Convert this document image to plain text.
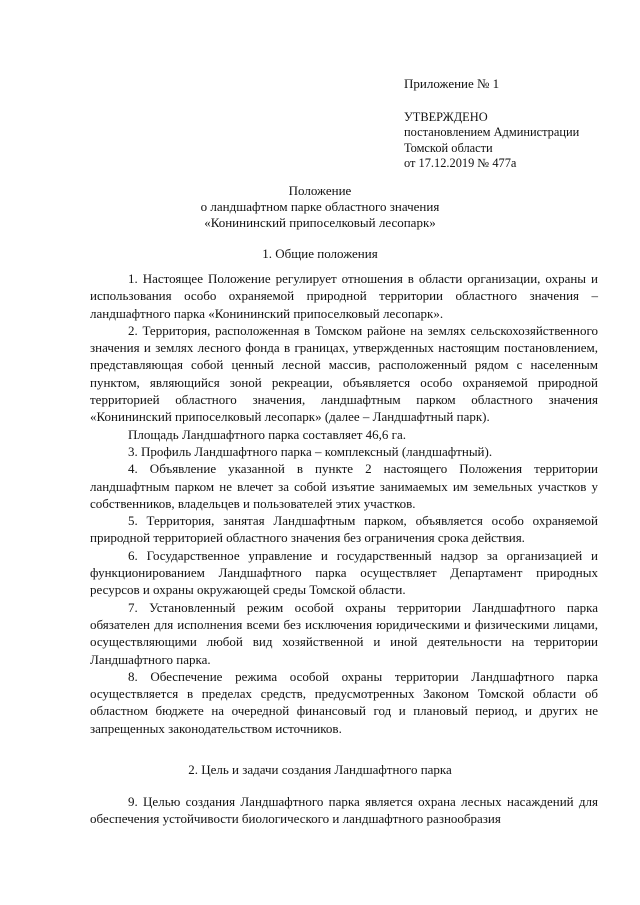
Приложение № 1
УТВЕРЖДЕНО
постановлением Администрации
Томской области
от 17.12.2019 № 477а
Положение
о ландшафтном парке областного значения
«Конининский припоселковый лесопарк»
1. Общие положения

1. Настоящее Положение регулирует отношения в области организации, охраны и использования особо охраняемой природной территории областного значения – ландшафтного парка «Конининский припоселковый лесопарк».

2. Территория, расположенная в Томском районе на землях сельскохозяйственного значения и землях лесного фонда в границах, утвержденных настоящим постановлением, представляющая собой ценный лесной массив, расположенный рядом с населенным пунктом, являющийся зоной рекреации, объявляется особо охраняемой природной территорией областного значения, ландшафтным парком областного значения «Конининский припоселковый лесопарк» (далее – Ландшафтный парк).

Площадь Ландшафтного парка составляет 46,6 га.

3. Профиль Ландшафтного парка – комплексный (ландшафтный).

4. Объявление указанной в пункте 2 настоящего Положения территории ландшафтным парком не влечет за собой изъятие занимаемых им земельных участков у собственников, владельцев и пользователей этих участков.

5. Территория, занятая Ландшафтным парком, объявляется особо охраняемой природной территорией областного значения без ограничения срока действия.

6. Государственное управление и государственный надзор за организацией и функционированием Ландшафтного парка осуществляет Департамент природных ресурсов и охраны окружающей среды Томской области.

7. Установленный режим особой охраны территории Ландшафтного парка обязателен для исполнения всеми без исключения юридическими и физическими лицами, осуществляющими любой вид хозяйственной и иной деятельности на территории Ландшафтного парка.

8. Обеспечение режима особой охраны территории Ландшафтного парка осуществляется в пределах средств, предусмотренных Законом Томской области об областном бюджете на очередной финансовый год и плановый период, и других не запрещенных законодательством источников.

2. Цель и задачи создания Ландшафтного парка

9. Целью создания Ландшафтного парка является охрана лесных насаждений для обеспечения устойчивости биологического и ландшафтного разнообразия
